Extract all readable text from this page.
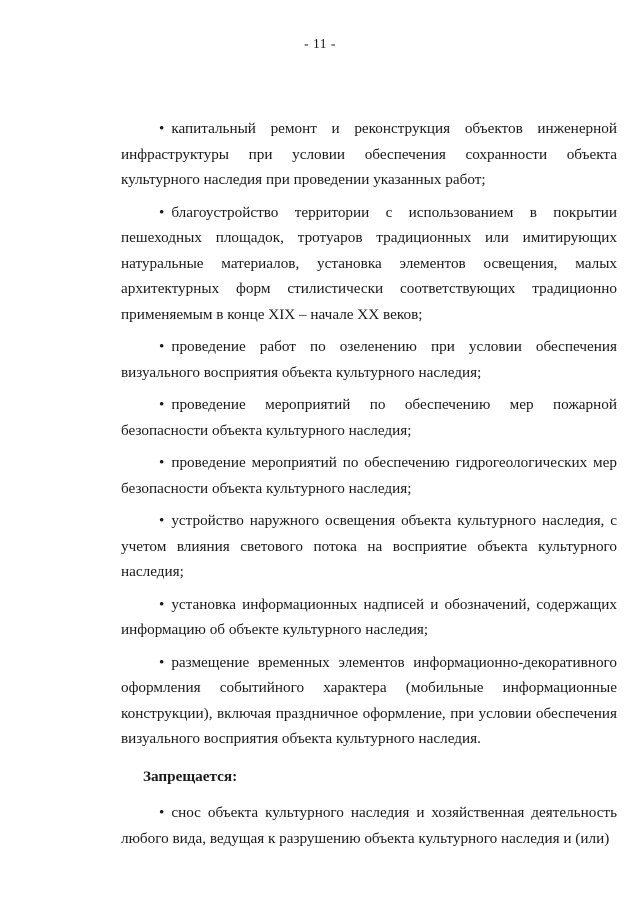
- 11 -

• капитальный ремонт и реконструкция объектов инженерной инфраструктуры при условии обеспечения сохранности объекта культурного наследия при проведении указанных работ;

• благоустройство территории с использованием в покрытии пешеходных площадок, тротуаров традиционных или имитирующих натуральные материалов, установка элементов освещения, малых архитектурных форм стилистически соответствующих традиционно применяемым в конце XIX – начале XX веков;

• проведение работ по озеленению при условии обеспечения визуального восприятия объекта культурного наследия;

• проведение мероприятий по обеспечению мер пожарной безопасности объекта культурного наследия;

• проведение мероприятий по обеспечению гидрогеологических мер безопасности объекта культурного наследия;

• устройство наружного освещения объекта культурного наследия, с учетом влияния светового потока на восприятие объекта культурного наследия;

• установка информационных надписей и обозначений, содержащих информацию об объекте культурного наследия;

• размещение временных элементов информационно-декоративного оформления событийного характера (мобильные информационные конструкции), включая праздничное оформление, при условии обеспечения визуального восприятия объекта культурного наследия.

Запрещается:

• снос объекта культурного наследия и хозяйственная деятельность любого вида, ведущая к разрушению объекта культурного наследия и (или)
